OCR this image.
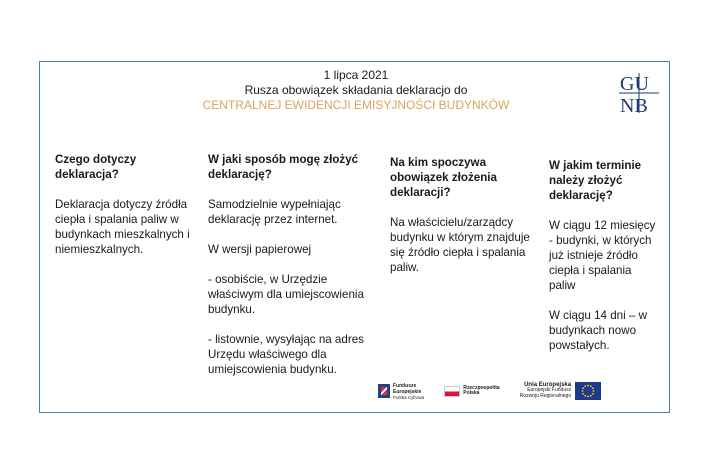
1 lipca 2021
Rusza obowiązek składania deklaracjo do
CENTRALNEJ EWIDENCJI EMISYJNOŚCI BUDYNKÓW
GU
NB
Czego dotyczy deklaracja?

Deklaracja dotyczy źródła ciepła i spalania paliw w budynkach mieszkalnych i niemieszkalnych.

W jaki sposób mogę złożyć deklarację?

Samodzielnie wypełniając deklarację przez internet.

W wersji papierowej

- osobiście, w Urzędzie właściwym dla umiejscowienia budynku.

- listownie, wysyłając na adres Urzędu właściwego dla umiejscowienia budynku.

Na kim spoczywa obowiązek złożenia deklaracji?

Na właścicielu/zarządcy budynku w którym znajduje się źródło ciepła i spalania paliw.

W jakim terminie należy złożyć deklarację?

W ciągu 12 miesięcy - budynki, w których już istnieje źródło ciepła i spalania paliw

W ciągu 14 dni – w budynkach nowo powstałych.

Fundusze
Europejskie
Polska Cyfrowa
Rzeczpospolita
Polska
Unia Europejska
Europejski Fundusz
Rozwoju Regionalnego
